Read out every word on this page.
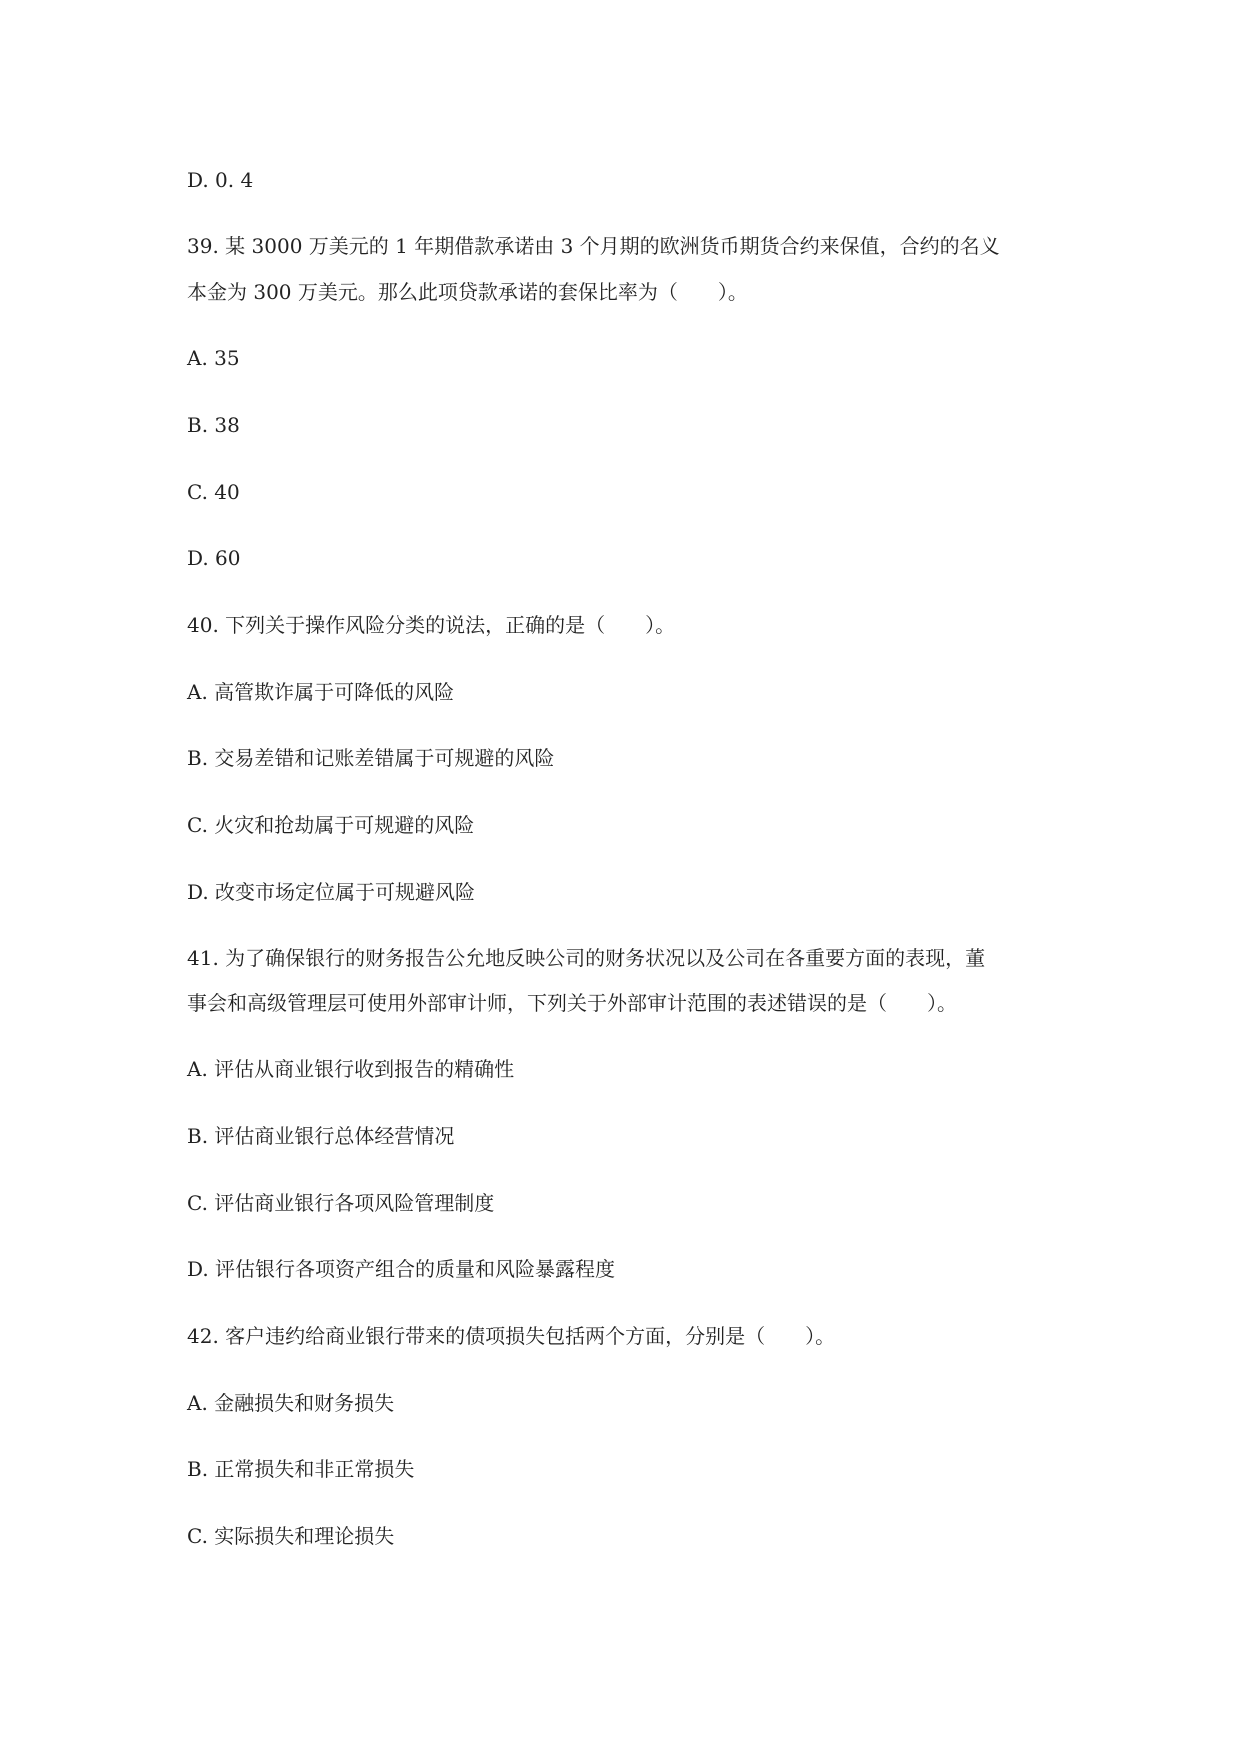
D. 0. 4
39. 某 3000 万美元的 1 年期借款承诺由 3 个月期的欧洲货币期货合约来保值，合约的名义
本金为 300 万美元。那么此项贷款承诺的套保比率为（　　）。
A. 35
B. 38
C. 40
D. 60
40. 下列关于操作风险分类的说法，正确的是（　　）。
A. 高管欺诈属于可降低的风险
B. 交易差错和记账差错属于可规避的风险
C. 火灾和抢劫属于可规避的风险
D. 改变市场定位属于可规避风险
41. 为了确保银行的财务报告公允地反映公司的财务状况以及公司在各重要方面的表现，董
事会和高级管理层可使用外部审计师，下列关于外部审计范围的表述错误的是（　　）。
A. 评估从商业银行收到报告的精确性
B. 评估商业银行总体经营情况
C. 评估商业银行各项风险管理制度
D. 评估银行各项资产组合的质量和风险暴露程度
42. 客户违约给商业银行带来的债项损失包括两个方面，分别是（　　）。
A. 金融损失和财务损失
B. 正常损失和非正常损失
C. 实际损失和理论损失
